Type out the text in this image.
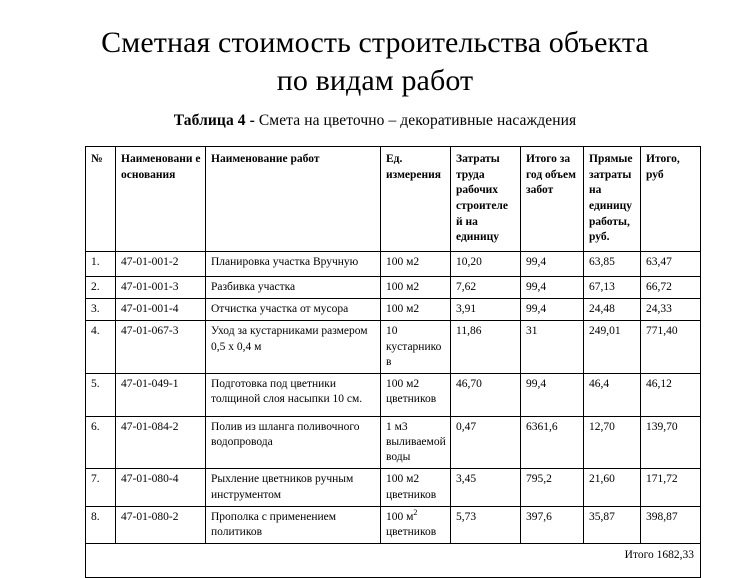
Сметная стоимость строительства объекта по видам работ
Таблица 4 - Смета на цветочно – декоративные насаждения
№	Наименовани е основания	Наименование работ	Ед. измерения	Затраты труда рабочих строителе й на единицу	Итого за год объем забот	Прямые затраты на единицу работы, руб.	Итого, руб
1.	47-01-001-2	Планировка участка Вручную	100 м2	10,20	99,4	63,85	63,47
2.	47-01-001-3	Разбивка участка	100 м2	7,62	99,4	67,13	66,72
3.	47-01-001-4	Отчистка участка от мусора	100 м2	3,91	99,4	24,48	24,33
4.	47-01-067-3	Уход за кустарниками размером 0,5 х 0,4 м	10 кустарников	11,86	31	249,01	771,40
5.	47-01-049-1	Подготовка под цветники толщиной слоя насыпки 10 см.	100 м2 цветников	46,70	99,4	46,4	46,12
6.	47-01-084-2	Полив из шланга поливочного водопровода	1 м3 выливаемой воды	0,47	6361,6	12,70	139,70
7.	47-01-080-4	Рыхление цветников ручным инструментом	100 м2 цветников	3,45	795,2	21,60	171,72
8.	47-01-080-2	Прополка с применением политиков	100 $м^2$ цветников	5,73	397,6	35,87	398,87
Итого 1682,33							
